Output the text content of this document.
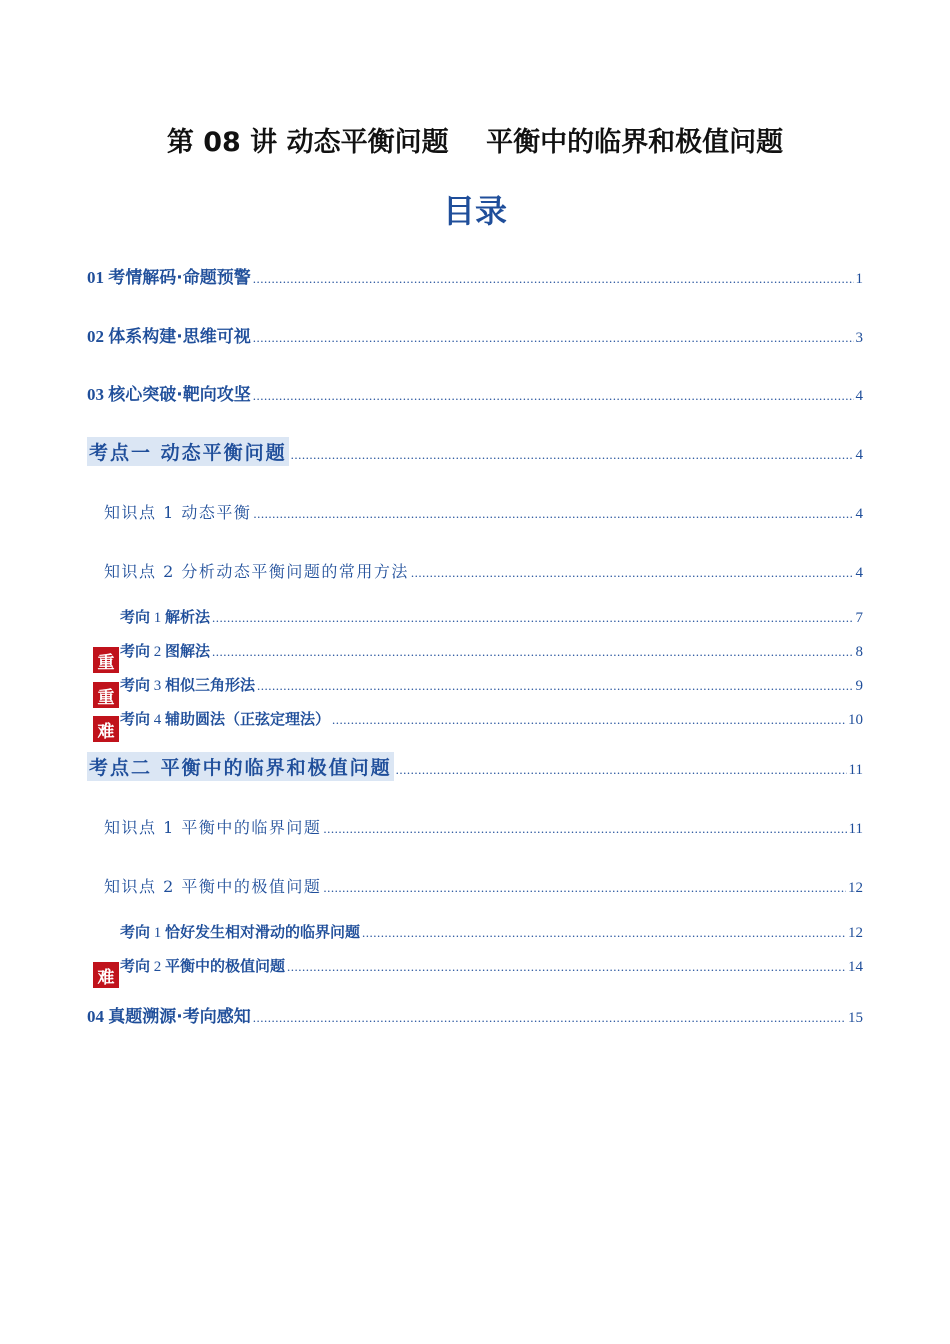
第 08 讲 动态平衡问题    平衡中的临界和极值问题
目录
01 考情解码·命题预警 .....	1
02 体系构建·思维可视 .....	3
03 核心突破·靶向攻坚 .....	4
考点一 动态平衡问题 .....	4
知识点 1 动态平衡 .....	4
知识点 2 分析动态平衡问题的常用方法 .....	4
考向 1 解析法 .....	7
考向 2 图解法 .....	8
考向 3 相似三角形法 .....	9
考向 4 辅助圆法（正弦定理法） .....	10
重
重
难
考点二 平衡中的临界和极值问题 .....	11
知识点 1 平衡中的临界问题 .....	11
知识点 2 平衡中的极值问题 .....	12
考向 1 恰好发生相对滑动的临界问题 .....	12
考向 2 平衡中的极值问题 .....	14
难
04 真题溯源·考向感知 .....	15
